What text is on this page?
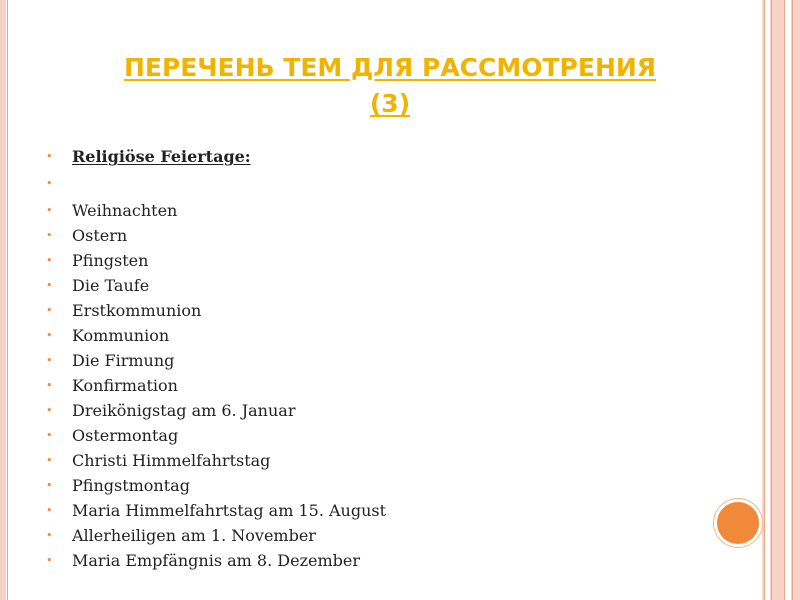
ПЕРЕЧЕНЬ ТЕМ ДЛЯ РАССМОТРЕНИЯ
(3)
• Religiöse Feiertage:
•
• Weihnachten
• Ostern
• Pfingsten
• Die Taufe
• Erstkommunion
• Kommunion
• Die Firmung
• Konfirmation
• Dreikönigstag am 6. Januar
• Ostermontag
• Christi Himmelfahrtstag
• Pfingstmontag
• Maria Himmelfahrtstag am 15. August
• Allerheiligen am 1. November
• Maria Empfängnis am 8. Dezember
